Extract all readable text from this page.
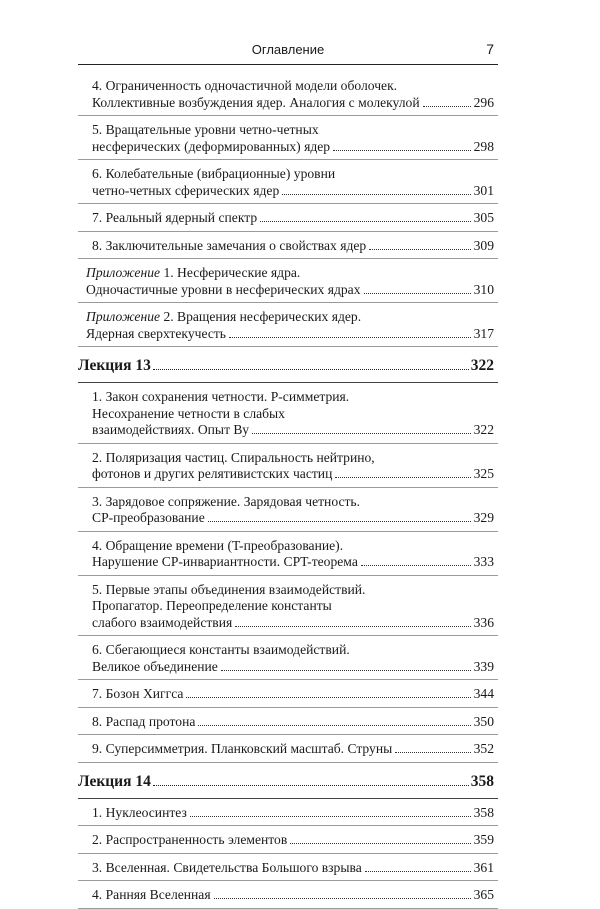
Оглавление	7
4. Ограниченность одночастичной модели оболочек.
Коллективные возбуждения ядер. Аналогия с молекулой	296
5. Вращательные уровни четно-четных
несферических (деформированных) ядер	298
6. Колебательные (вибрационные) уровни
четно-четных сферических ядер	301
7. Реальный ядерный спектр	305
8. Заключительные замечания о свойствах ядер	309
Приложение 1. Несферические ядра.
Одночастичные уровни в несферических ядрах	310
Приложение 2. Вращения несферических ядер.
Ядерная сверхтекучесть	317
Лекция 13	322
1. Закон сохранения четности. P-симметрия.
Несохранение четности в слабых
взаимодействиях. Опыт Ву	322
2. Поляризация частиц. Спиральность нейтрино,
фотонов и других релятивистских частиц	325
3. Зарядовое сопряжение. Зарядовая четность.
CP-преобразование	329
4. Обращение времени (T-преобразование).
Нарушение CP-инвариантности. CPT-теорема	333
5. Первые этапы объединения взаимодействий.
Пропагатор. Переопределение константы
слабого взаимодействия	336
6. Сбегающиеся константы взаимодействий.
Великое объединение	339
7. Бозон Хиггса	344
8. Распад протона	350
9. Суперсимметрия. Планковский масштаб. Струны	352
Лекция 14	358
1. Нуклеосинтез	358
2. Распространенность элементов	359
3. Вселенная. Свидетельства Большого взрыва	361
4. Ранняя Вселенная	365
